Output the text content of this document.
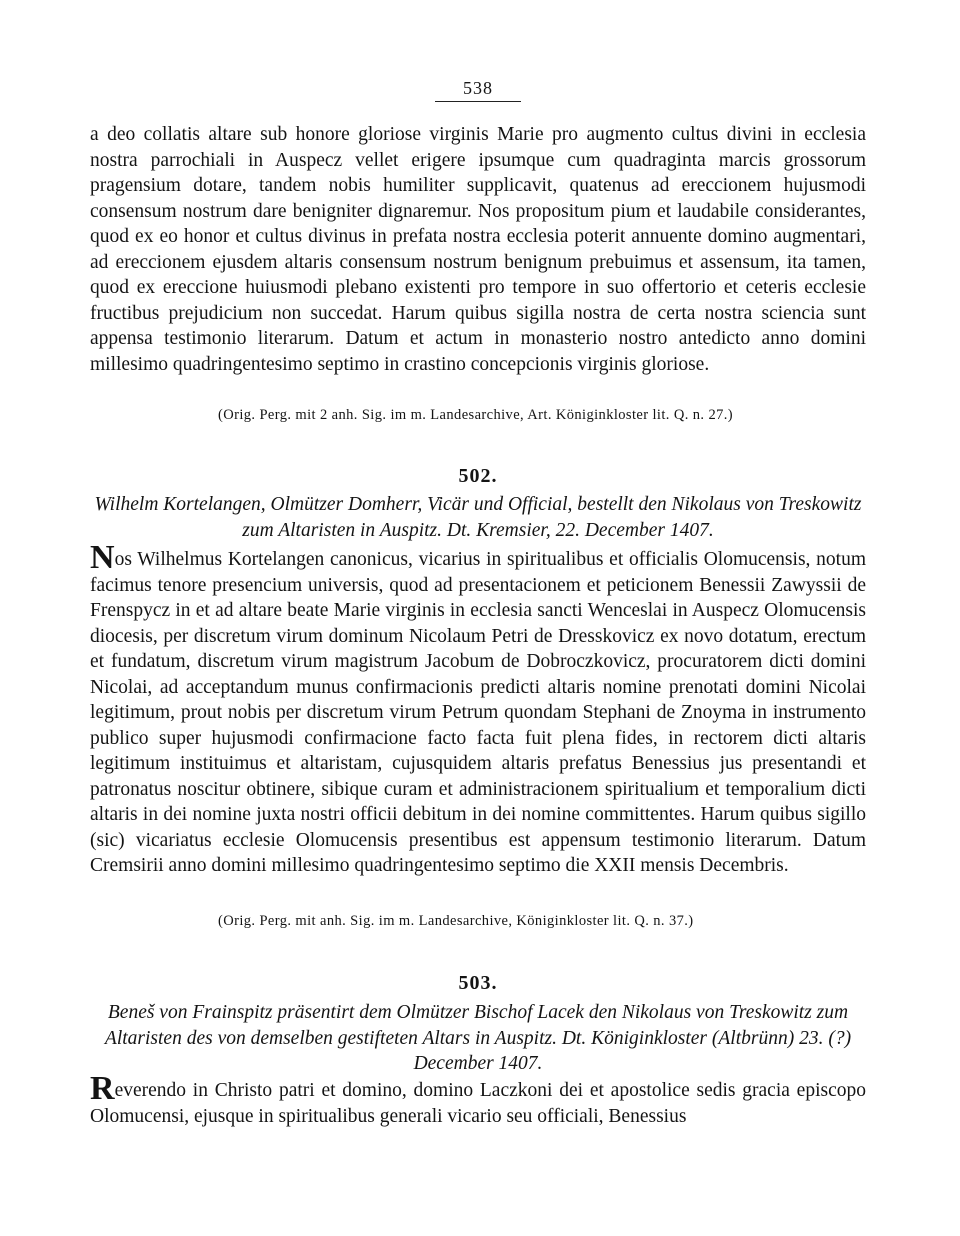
538

a deo collatis altare sub honore gloriose virginis Marie pro augmento cultus divini in ecclesia nostra parrochiali in Auspecz vellet erigere ipsumque cum quadraginta marcis grossorum pragensium dotare, tandem nobis humiliter supplicavit, quatenus ad ereccionem hujusmodi consensum nostrum dare benigniter dignaremur. Nos propositum pium et laudabile considerantes, quod ex eo honor et cultus divinus in prefata nostra ecclesia poterit annuente domino augmentari, ad ereccionem ejusdem altaris consensum nostrum benignum prebuimus et assensum, ita tamen, quod ex ereccione huiusmodi plebano existenti pro tempore in suo offertorio et ceteris ecclesie fructibus prejudicium non succedat. Harum quibus sigilla nostra de certa nostra sciencia sunt appensa testimonio literarum. Datum et actum in monasterio nostro antedicto anno domini millesimo quadringentesimo septimo in crastino concepcionis virginis gloriose.

(Orig. Perg. mit 2 anh. Sig. im m. Landesarchive, Art. Königinkloster lit. Q. n. 27.)

502.

Wilhelm Kortelangen, Olmützer Domherr, Vicär und Official, bestellt den Nikolaus von Treskowitz zum Altaristen in Auspitz. Dt. Kremsier, 22. December 1407.

Nos Wilhelmus Kortelangen canonicus, vicarius in spiritualibus et officialis Olomucensis, notum facimus tenore presencium universis, quod ad presentacionem et peticionem Benessii Zawyssii de Frenspycz in et ad altare beate Marie virginis in ecclesia sancti Wenceslai in Auspecz Olomucensis diocesis, per discretum virum dominum Nicolaum Petri de Dresskovicz ex novo dotatum, erectum et fundatum, discretum virum magistrum Jacobum de Dobroczkovicz, procuratorem dicti domini Nicolai, ad acceptandum munus confirmacionis predicti altaris nomine prenotati domini Nicolai legitimum, prout nobis per discretum virum Petrum quondam Stephani de Znoyma in instrumento publico super hujusmodi confirmacione facto facta fuit plena fides, in rectorem dicti altaris legitimum instituimus et altaristam, cujusquidem altaris prefatus Benessius jus presentandi et patronatus noscitur obtinere, sibique curam et administracionem spiritualium et temporalium dicti altaris in dei nomine juxta nostri officii debitum in dei nomine committentes. Harum quibus sigillo (sic) vicariatus ecclesie Olomucensis presentibus est appensum testimonio literarum. Datum Cremsirii anno domini millesimo quadringentesimo septimo die XXII mensis Decembris.

(Orig. Perg. mit anh. Sig. im m. Landesarchive, Königinkloster lit. Q. n. 37.)

503.

Beneš von Frainspitz präsentirt dem Olmützer Bischof Lacek den Nikolaus von Treskowitz zum Altaristen des von demselben gestifteten Altars in Auspitz. Dt. Königinkloster (Altbrünn) 23. (?) December 1407.

Reverendo in Christo patri et domino, domino Laczkoni dei et apostolice sedis gracia episcopo Olomucensi, ejusque in spiritualibus generali vicario seu officiali, Benessius
